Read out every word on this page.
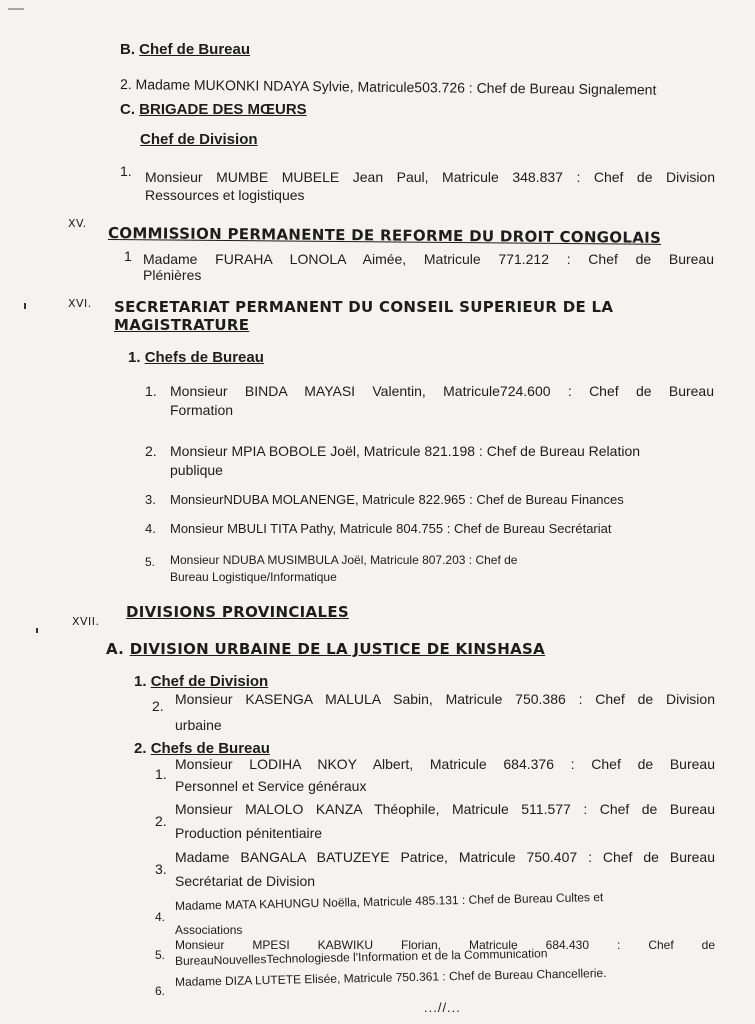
B. Chef de Bureau
2. Madame MUKONKI NDAYA Sylvie, Matricule503.726 : Chef de Bureau Signalement
C. BRIGADE DES MŒURS
Chef de Division
1. Monsieur MUMBE MUBELE Jean Paul, Matricule 348.837 : Chef de Division
Ressources et logistiques
XV.
COMMISSION PERMANENTE DE REFORME DU DROIT CONGOLAIS
1 Madame FURAHA LONOLA Aimée, Matricule 771.212 : Chef de Bureau
Plénières
XVI. SECRETARIAT PERMANENT DU CONSEIL SUPERIEUR DE LA
MAGISTRATURE
1. Chefs de Bureau
1. Monsieur BINDA MAYASI Valentin, Matricule724.600 : Chef de Bureau
Formation
2. Monsieur MPIA BOBOLE Joël, Matricule 821.198 : Chef de Bureau Relation
publique
3. MonsieurNDUBA MOLANENGE, Matricule 822.965 : Chef de Bureau Finances
4. Monsieur MBULI TITA Pathy, Matricule 804.755 : Chef de Bureau Secrétariat
5. Monsieur NDUBA MUSIMBULA Joël, Matricule 807.203 : Chef de
Bureau Logistique/Informatique
XVII.
DIVISIONS PROVINCIALES
A. DIVISION URBAINE DE LA JUSTICE DE KINSHASA
1. Chef de Division
2. Monsieur KASENGA MALULA Sabin, Matricule 750.386 : Chef de Division
urbaine
2. Chefs de Bureau
1.
Monsieur LODIHA NKOY Albert, Matricule 684.376 : Chef de Bureau
Personnel et Service généraux
2.
Monsieur MALOLO KANZA Théophile, Matricule 511.577 : Chef de Bureau
Production pénitentiaire
3.
Madame BANGALA BATUZEYE Patrice, Matricule 750.407 : Chef de Bureau
Secrétariat de Division
4.
Madame MATA KAHUNGU Noëlla, Matricule 485.131 : Chef de Bureau Cultes et
Associations
5.
Monsieur MPESI KABWIKU Florian, Matricule 684.430 : Chef de
BureauNouvellesTechnologiesde l'Information et de la Communication
6.
Madame DIZA LUTETE Elisée, Matricule 750.361 : Chef de Bureau Chancellerie.
...//...
